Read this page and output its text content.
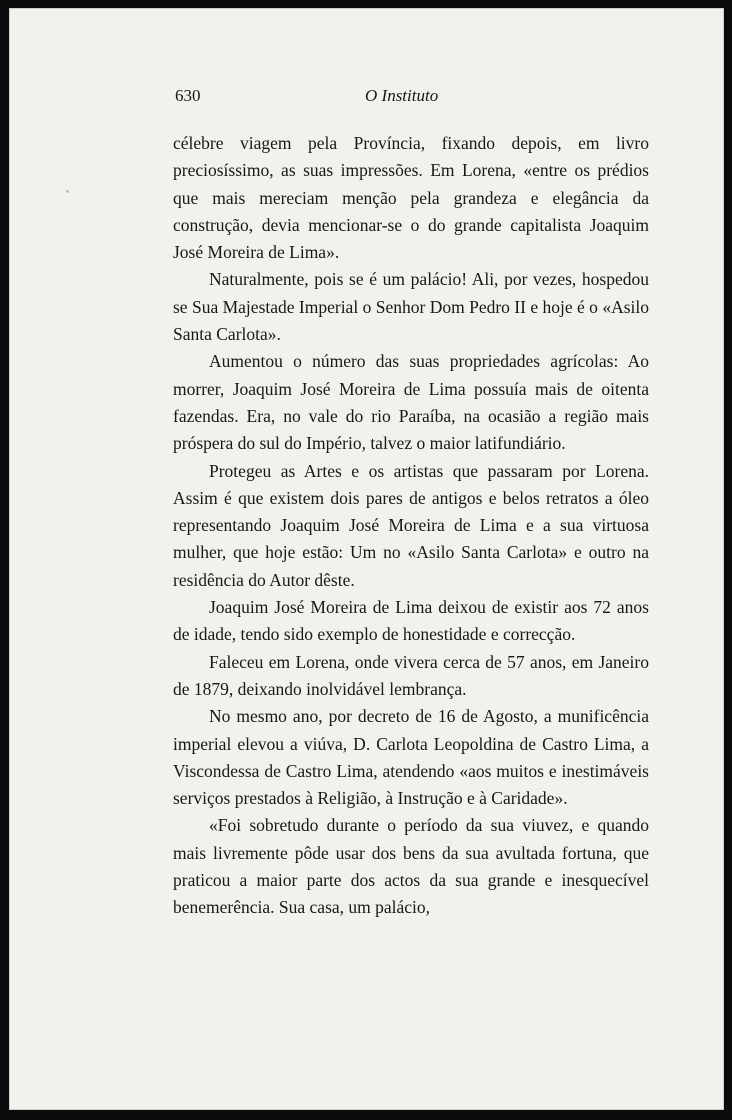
630	O Instituto

célebre viagem pela Província, fixando depois, em livro preciosíssimo, as suas impressões. Em Lorena, «entre os prédios que mais mereciam menção pela grandeza e elegância da construção, devia mencionar-se o do grande capitalista Joaquim José Moreira de Lima».

Naturalmente, pois se é um palácio! Ali, por vezes, hospedou se Sua Majestade Imperial o Senhor Dom Pedro II e hoje é o «Asilo Santa Carlota».

Aumentou o número das suas propriedades agrícolas: Ao morrer, Joaquim José Moreira de Lima possuía mais de oitenta fazendas. Era, no vale do rio Paraíba, na ocasião a região mais próspera do sul do Império, talvez o maior latifundiário.

Protegeu as Artes e os artistas que passaram por Lorena. Assim é que existem dois pares de antigos e belos retratos a óleo representando Joaquim José Moreira de Lima e a sua virtuosa mulher, que hoje estão: Um no «Asilo Santa Carlota» e outro na residência do Autor dêste.

Joaquim José Moreira de Lima deixou de existir aos 72 anos de idade, tendo sido exemplo de honestidade e correcção.

Faleceu em Lorena, onde vivera cerca de 57 anos, em Janeiro de 1879, deixando inolvidável lembrança.

No mesmo ano, por decreto de 16 de Agosto, a munificência imperial elevou a viúva, D. Carlota Leopoldina de Castro Lima, a Viscondessa de Castro Lima, atendendo «aos muitos e inestimáveis serviços prestados à Religião, à Instrução e à Caridade».

«Foi sobretudo durante o período da sua viuvez, e quando mais livremente pôde usar dos bens da sua avultada fortuna, que praticou a maior parte dos actos da sua grande e inesquecível benemerência. Sua casa, um palácio,
